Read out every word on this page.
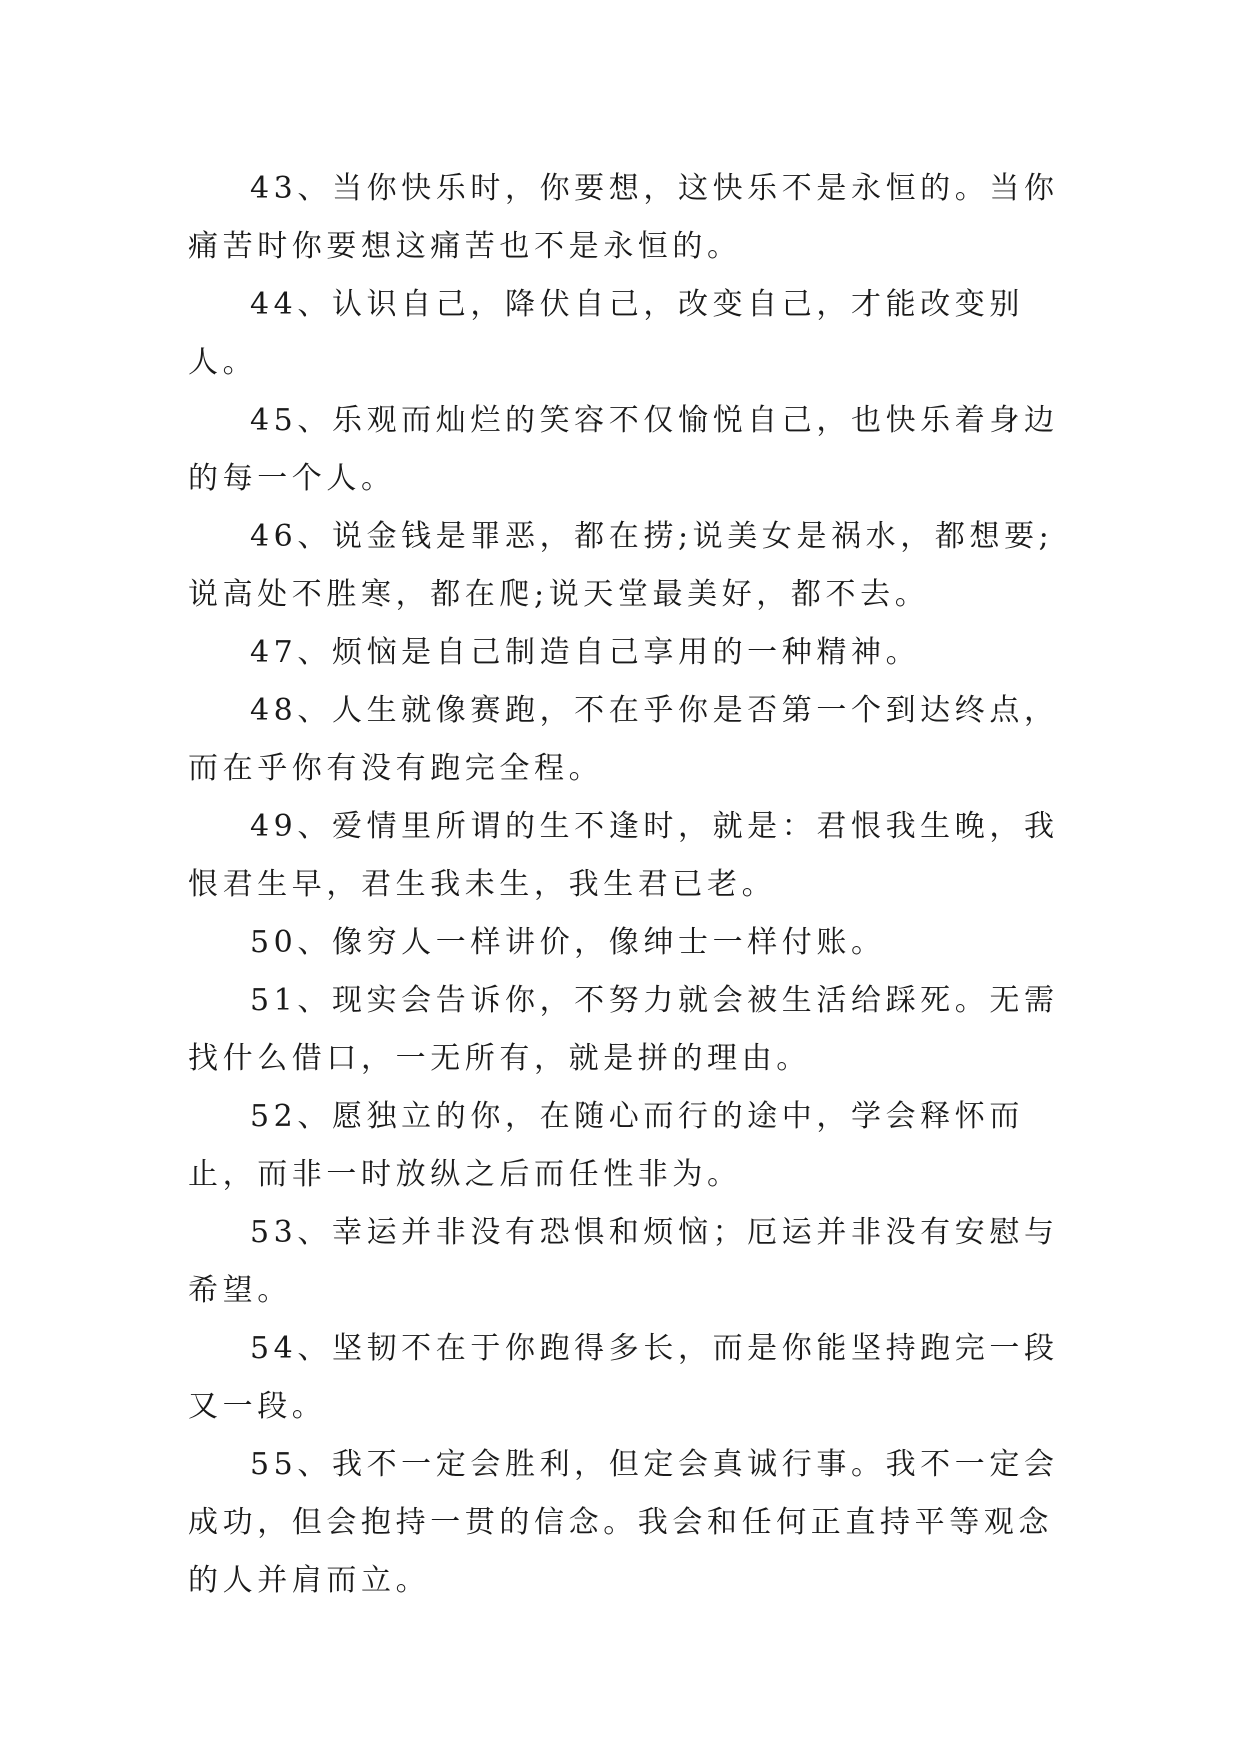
43、当你快乐时，你要想，这快乐不是永恒的。当你痛苦时你要想这痛苦也不是永恒的。

44、认识自己，降伏自己，改变自己，才能改变别人。

45、乐观而灿烂的笑容不仅愉悦自己，也快乐着身边的每一个人。

46、说金钱是罪恶，都在捞;说美女是祸水，都想要;说高处不胜寒，都在爬;说天堂最美好，都不去。

47、烦恼是自己制造自己享用的一种精神。

48、人生就像赛跑，不在乎你是否第一个到达终点，而在乎你有没有跑完全程。

49、爱情里所谓的生不逢时，就是：君恨我生晚，我恨君生早，君生我未生，我生君已老。

50、像穷人一样讲价，像绅士一样付账。

51、现实会告诉你，不努力就会被生活给踩死。无需找什么借口，一无所有，就是拼的理由。

52、愿独立的你，在随心而行的途中，学会释怀而止，而非一时放纵之后而任性非为。

53、幸运并非没有恐惧和烦恼；厄运并非没有安慰与希望。

54、坚韧不在于你跑得多长，而是你能坚持跑完一段又一段。

55、我不一定会胜利，但定会真诚行事。我不一定会成功，但会抱持一贯的信念。我会和任何正直持平等观念的人并肩而立。
